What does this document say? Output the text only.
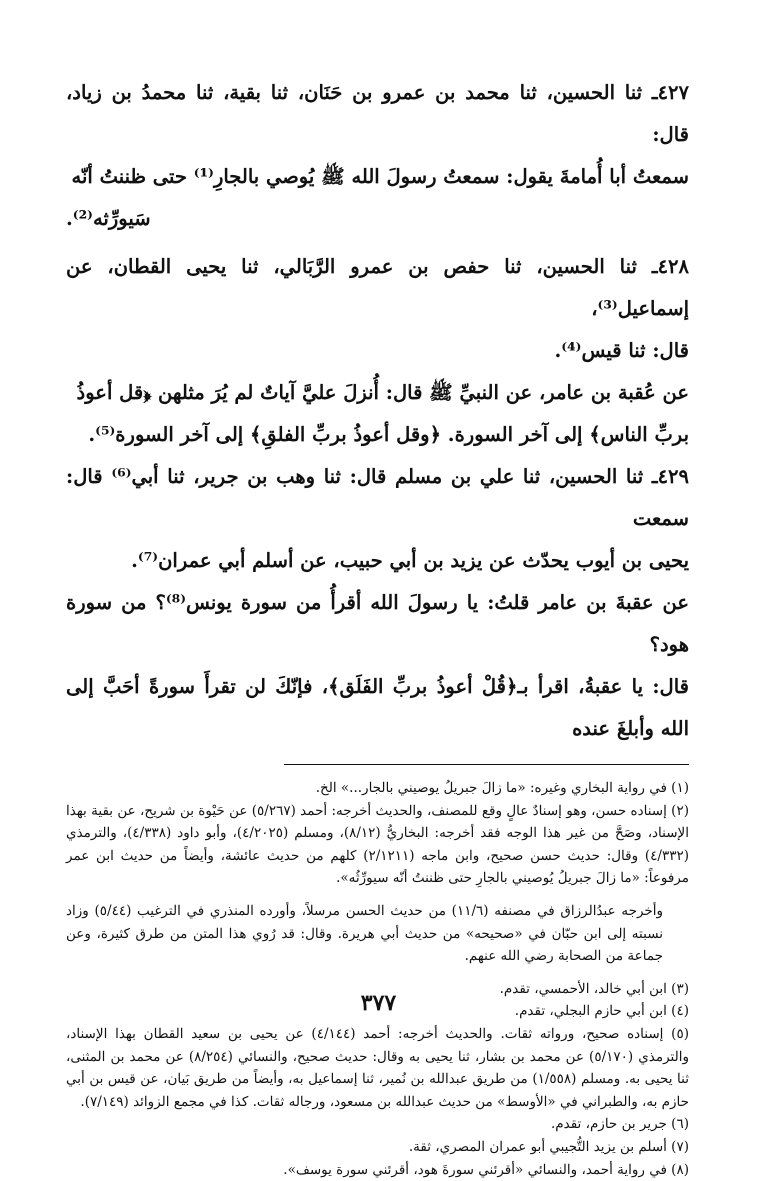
٤٢٧ـ ثنا الحسين، ثنا محمد بن عمرو بن حَنَان، ثنا بقية، ثنا محمدُ بن زياد، قال:

سمعتُ أبا أُمامةَ يقول: سمعتُ رسولَ الله ﷺ يُوصي بالجارِ⁽¹⁾ حتى ظننتُ أنّه

سَيورِّثه⁽²⁾.

٤٢٨ـ ثنا الحسين، ثنا حفص بن عمرو الرَّبَالي، ثنا يحيى القطان، عن إسماعيل⁽³⁾،

قال: ثنا قيس⁽⁴⁾.

عن عُقبة بن عامر، عن النبيِّ ﷺ قال: أُنزلَ عليَّ آياتٌ لم يُرَ مثلهن ﴿قل أعوذُ

بربِّ الناس﴾ إلى آخر السورة. ﴿وقل أعوذُ بربِّ الفلقِ﴾ إلى آخر السورة⁽⁵⁾.

٤٢٩ـ ثنا الحسين، ثنا علي بن مسلم قال: ثنا وهب بن جرير، ثنا أبي⁽⁶⁾ قال: سمعت

يحيى بن أيوب يحدّث عن يزيد بن أبي حبيب، عن أسلم أبي عمران⁽⁷⁾.

عن عقبةَ بن عامر قلتُ: يا رسولَ الله أقرأُ من سورة يونس⁽⁸⁾؟ من سورة هود؟

قال: يا عقبةُ، اقرأ بـ﴿قُلْ أعوذُ بربِّ الفَلَق﴾، فإنّكَ لن تقرأَ سورةً أحَبَّ إلى الله وأبلغَ عنده

(١) في رواية البخاري وغيره: «ما زالَ جبريلُ يوصيني بالجار...» الخ.

(٢) إسناده حسن، وهو إسنادٌ عالٍ وقع للمصنف، والحديث أخرجه: أحمد (٥/٢٦٧) عن حَيْوة بن شريح، عن بقية بهذا الإسناد، وصَحَّ من غير هذا الوجه فقد أخرجه: البخاريُّ (٨/١٢)، ومسلم (٤/٢٠٢٥)، وأبو داود (٤/٣٣٨)، والترمذي (٤/٣٣٢) وقال: حديث حسن صحيح، وابن ماجه (٢/١٢١١) كلهم من حديث عائشة، وأيضاً من حديث ابن عمر مرفوعاً: «ما زالَ جبريلُ يُوصيني بالجارِ حتى ظننتُ أنّه سيورِّثُه».

وأخرجه عبدُالرزاق في مصنفه (١١/٦) من حديث الحسن مرسلاً، وأورده المنذري في الترغيب (٥/٤٤) وزاد نسبته إلى ابن حبّان في «صحيحه» من حديث أبي هريرة. وقال: قد رُوي هذا المتن من طرق كثيرة، وعن جماعة من الصحابة رضي الله عنهم.

(٣) ابن أبي خالد، الأحمسي، تقدم.

(٤) ابن أبي حازم البجلي، تقدم.

(٥) إسناده صحيح، ورواته ثقات. والحديث أخرجه: أحمد (٤/١٤٤) عن يحيى بن سعيد القطان بهذا الإسناد، والترمذي (٥/١٧٠) عن محمد بن بشار، ثنا يحيى به وقال: حديث صحيح، والنسائي (٨/٢٥٤) عن محمد بن المثنى، ثنا يحيى به. ومسلم (١/٥٥٨) من طريق عبدالله بن نُمير، ثنا إسماعيل به، وأيضاً من طريق بَيان، عن قيس بن أبي حازم به، والطبراني في «الأوسط» من حديث عبدالله بن مسعود، ورجاله ثقات. كذا في مجمع الزوائد (٧/١٤٩).

(٦) جرير بن حازم، تقدم.

(٧) أسلم بن يزيد التُّجيبي أبو عمران المصري، ثقة.

(٨) في رواية أحمد، والنسائي «أقرئني سورةَ هود، أقرئني سورة يوسف».

٣٧٧
